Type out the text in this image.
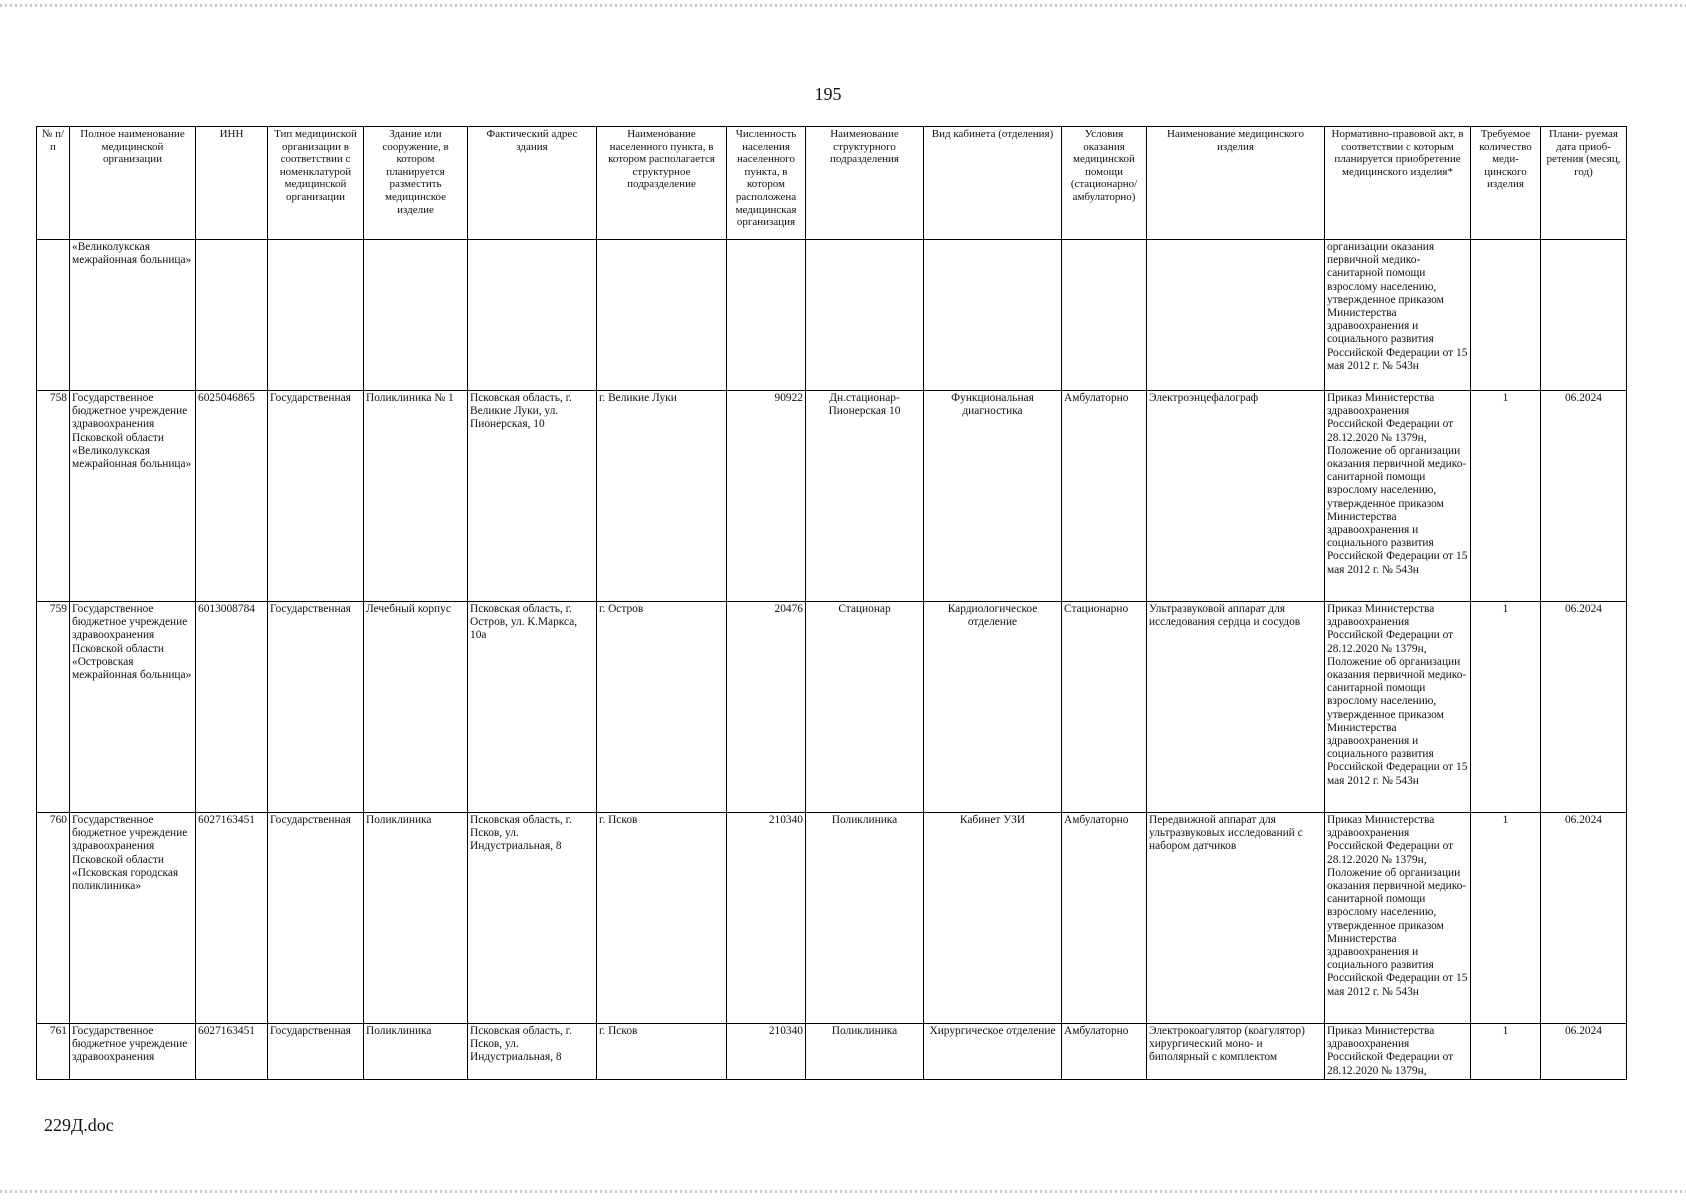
195
№ п/п	Полное наименование медицинской организации	ИНН	Тип медицинской организации в соответствии с номенклатурой медицинской организации	Здание или сооружение, в котором планируется разместить медицинское изделие	Фактический адрес здания	Наименование населенного пункта, в котором располагается структурное подразделение	Численность населения населенного пункта, в котором расположена медицинская организация	Наименование структурного подразделения	Вид кабинета (отделения)	Условия оказания медицинской помощи (стационарно/ амбулаторно)	Наименование медицинского изделия	Нормативно-правовой акт, в соответствии с которым планируется приобретение медицинского изделия*	Требуемое количество меди- цинского изделия	Плани- руемая дата приоб- ретения (месяц, год)
	«Великолукская межрайонная больница»											организации оказания первичной медико-санитарной помощи взрослому населению, утвержденное приказом Министерства здравоохранения и социального развития Российской Федерации от 15 мая 2012 г. № 543н		
758	Государственное бюджетное учреждение здравоохранения Псковской области «Великолукская межрайонная больница»	6025046865	Государственная	Поликлиника № 1	Псковская область, г. Великие Луки, ул. Пионерская, 10	г. Великие Луки	90922	Дн.стационар-Пионерская 10	Функциональная диагностика	Амбулаторно	Электроэнцефалограф	Приказ Министерства здравоохранения Российской Федерации от 28.12.2020 № 1379н, Положение об организации оказания первичной медико-санитарной помощи взрослому населению, утвержденное приказом Министерства здравоохранения и социального развития Российской Федерации от 15 мая 2012 г. № 543н	1	06.2024
759	Государственное бюджетное учреждение здравоохранения Псковской области «Островская межрайонная больница»	6013008784	Государственная	Лечебный корпус	Псковская область, г. Остров, ул. К.Маркса, 10а	г. Остров	20476	Стационар	Кардиологическое отделение	Стационарно	Ультразвуковой аппарат для исследования сердца и сосудов	Приказ Министерства здравоохранения Российской Федерации от 28.12.2020 № 1379н, Положение об организации оказания первичной медико-санитарной помощи взрослому населению, утвержденное приказом Министерства здравоохранения и социального развития Российской Федерации от 15 мая 2012 г. № 543н	1	06.2024
760	Государственное бюджетное учреждение здравоохранения Псковской области «Псковская городская поликлиника»	6027163451	Государственная	Поликлиника	Псковская область, г. Псков, ул. Индустриальная, 8	г. Псков	210340	Поликлиника	Кабинет УЗИ	Амбулаторно	Передвижной аппарат для ультразвуковых исследований с набором датчиков	Приказ Министерства здравоохранения Российской Федерации от 28.12.2020 № 1379н, Положение об организации оказания первичной медико-санитарной помощи взрослому населению, утвержденное приказом Министерства здравоохранения и социального развития Российской Федерации от 15 мая 2012 г. № 543н	1	06.2024
761	Государственное бюджетное учреждение здравоохранения	6027163451	Государственная	Поликлиника	Псковская область, г. Псков, ул. Индустриальная, 8	г. Псков	210340	Поликлиника	Хирургическое отделение	Амбулаторно	Электрокоагулятор (коагулятор) хирургический моно- и биполярный с комплектом	Приказ Министерства здравоохранения Российской Федерации от 28.12.2020 № 1379н,	1	06.2024
229Д.doc
